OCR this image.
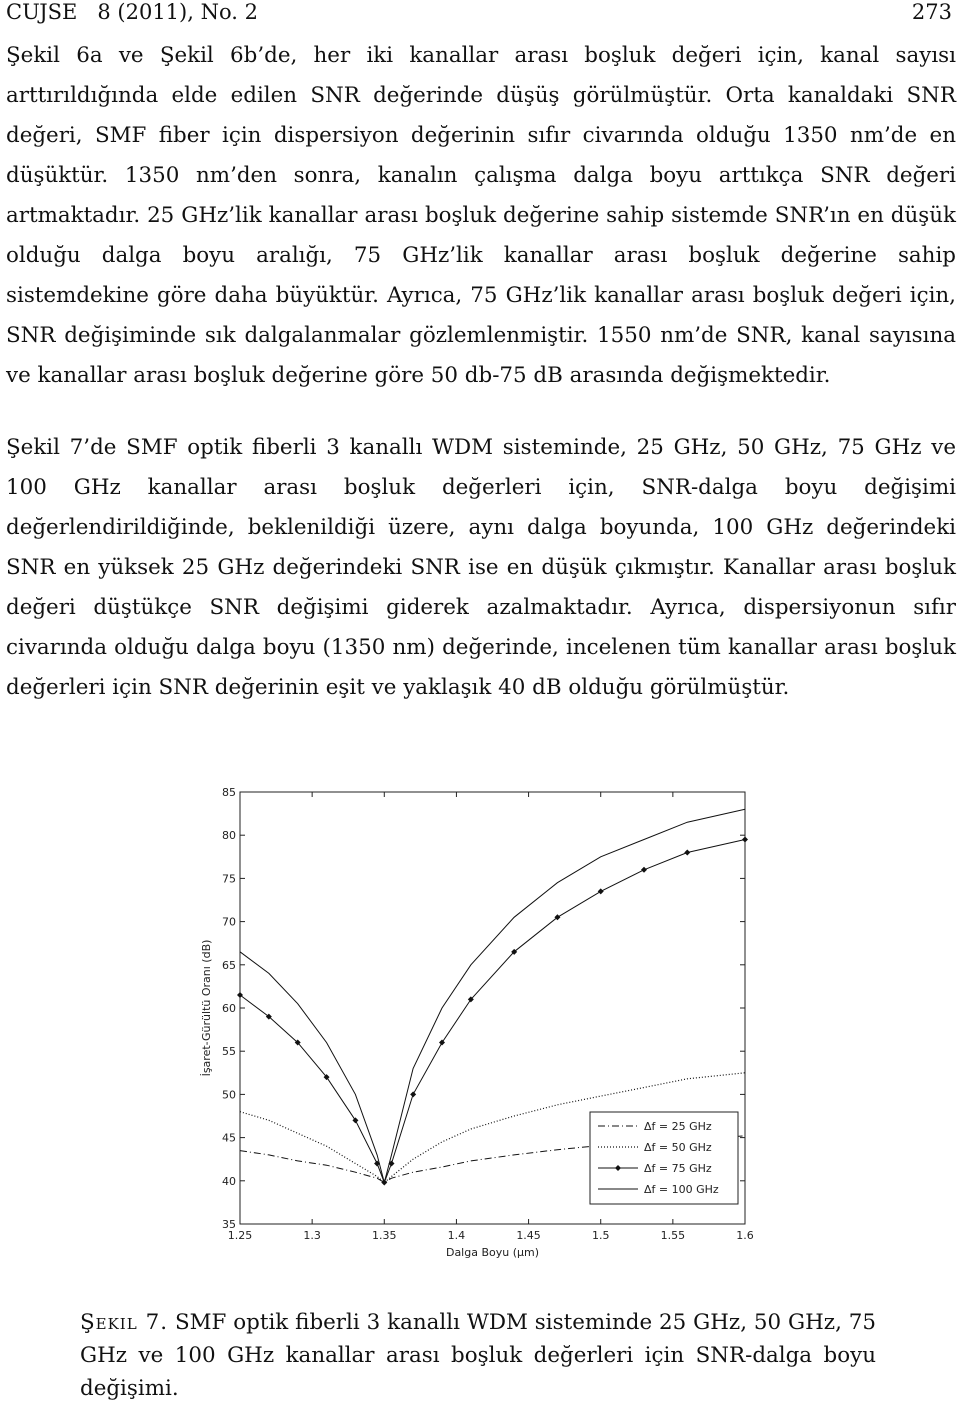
CUJSE   8 (2011), No. 2	273

Şekil 6a ve Şekil 6b’de, her iki kanallar arası boşluk değeri için, kanal sayısı arttırıldığında elde edilen SNR değerinde düşüş görülmüştür. Orta kanaldaki SNR değeri, SMF fiber için dispersiyon değerinin sıfır civarında olduğu 1350 nm’de en düşüktür. 1350 nm’den sonra, kanalın çalışma dalga boyu arttıkça SNR değeri artmaktadır. 25 GHz’lik kanallar arası boşluk değerine sahip sistemde SNR’ın en düşük olduğu dalga boyu aralığı, 75 GHz’lik kanallar arası boşluk değerine sahip sistemdekine göre daha büyüktür. Ayrıca, 75 GHz’lik kanallar arası boşluk değeri için, SNR değişiminde sık dalgalanmalar gözlemlenmiştir. 1550 nm’de SNR, kanal sayısına ve kanallar arası boşluk değerine göre 50 db-75 dB arasında değişmektedir.

Şekil 7’de SMF optik fiberli 3 kanallı WDM sisteminde, 25 GHz, 50 GHz, 75 GHz ve 100 GHz kanallar arası boşluk değerleri için, SNR-dalga boyu değişimi değerlendirildiğinde, beklenildiği üzere, aynı dalga boyunda, 100 GHz değerindeki SNR en yüksek 25 GHz değerindeki SNR ise en düşük çıkmıştır. Kanallar arası boşluk değeri düştükçe SNR değişimi giderek azalmaktadır. Ayrıca, dispersiyonun sıfır civarında olduğu dalga boyu (1350 nm) değerinde, incelenen tüm kanallar arası boşluk değerleri için SNR değerinin eşit ve yaklaşık 40 dB olduğu görülmüştür.

1.25	1.3	1.35	1.4	1.45	1.5	1.55	1.6
35
40
45
50
55
60
65
70
75
80
85
Δf = 25 GHz
Δf = 50 GHz
Δf = 75 GHz
Δf = 100 GHz
Dalga Boyu (μm)
İşaret-Gürültü Oranı (dB)

Şekil 7. SMF optik fiberli 3 kanallı WDM sisteminde 25 GHz, 50 GHz, 75 GHz ve 100 GHz kanallar arası boşluk değerleri için SNR-dalga boyu değişimi.
